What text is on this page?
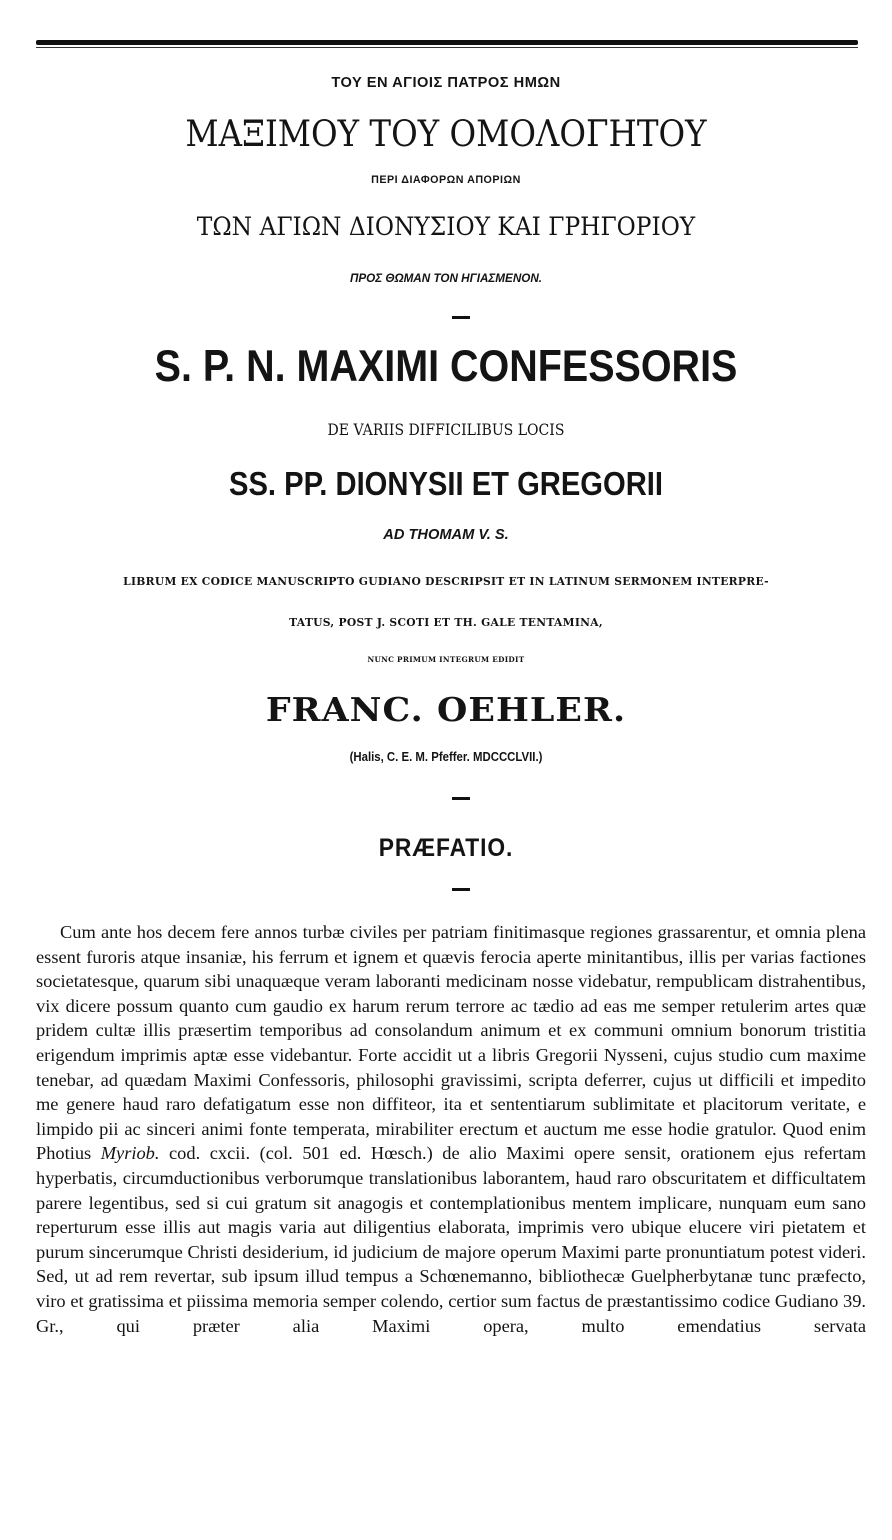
ΤΟΥ ΕΝ ΑΓΙΟΙΣ ΠΑΤΡΟΣ ΗΜΩΝ

ΜΑΞΙΜΟΥ ΤΟΥ ΟΜΟΛΟΓΗΤΟΥ

ΠΕΡΙ ΔΙΑΦΟΡΩΝ ΑΠΟΡΙΩΝ

ΤΩΝ ΑΓΙΩΝ ΔΙΟΝΥΣΙΟΥ ΚΑΙ ΓΡΗΓΟΡΙΟΥ

ΠΡΟΣ ΘΩΜΑΝ ΤΟΝ ΗΓΙΑΣΜΕΝΟΝ.

S. P. N. MAXIMI CONFESSORIS

DE VARIIS DIFFICILIBUS LOCIS

SS. PP. DIONYSII ET GREGORII

AD THOMAM V. S.

LIBRUM EX CODICE MANUSCRIPTO GUDIANO DESCRIPSIT ET IN LATINUM SERMONEM INTERPRE-

TATUS, POST J. SCOTI ET TH. GALE TENTAMINA,

NUNC PRIMUM INTEGRUM EDIDIT

FRANC. OEHLER.

(Halis, C. E. M. Pfeffer. MDCCCLVII.)

PRÆFATIO.

Cum ante hos decem fere annos turbæ civiles per patriam finitimasque regiones grassarentur, et omnia plena essent furoris atque insaniæ, his ferrum et ignem et quævis ferocia aperte minitantibus, illis per varias factiones societatesque, quarum sibi unaquæque veram laboranti medicinam nosse videbatur, rempublicam distrahentibus, vix dicere possum quanto cum gaudio ex harum rerum terrore ac tædio ad eas me semper retulerim artes quæ pridem cultæ illis præsertim temporibus ad consolandum animum et ex communi omnium bonorum tristitia erigendum imprimis aptæ esse videbantur. Forte accidit ut a libris Gregorii Nysseni, cujus studio cum maxime tenebar, ad quædam Maximi Confessoris, philosophi gravissimi, scripta deferrer, cujus ut difficili et impedito me genere haud raro defatigatum esse non diffiteor, ita et sententiarum sublimitate et placitorum veritate, e limpido pii ac sinceri animi fonte temperata, mirabiliter erectum et auctum me esse hodie gratulor. Quod enim Photius Myriob. cod. cxcii. (col. 501 ed. Hœsch.) de alio Maximi opere sensit, orationem ejus refertam hyperbatis, circumductionibus verborumque translationibus laborantem, haud raro obscuritatem et difficultatem parere legentibus, sed si cui gratum sit anagogis et contemplationibus mentem implicare, nunquam eum sano reperturum esse illis aut magis varia aut diligentius elaborata, imprimis vero ubique elucere viri pietatem et purum sincerumque Christi desiderium, id judicium de majore operum Maximi parte pronuntiatum potest videri. Sed, ut ad rem revertar, sub ipsum illud tempus a Schœnemanno, bibliothecæ Guelpherbytanæ tunc præfecto, viro et gratissima et piissima memoria semper colendo, certior sum factus de præstantissimo codice Gudiano 39. Gr., qui præter alia Maximi opera, multo emendatius servata
